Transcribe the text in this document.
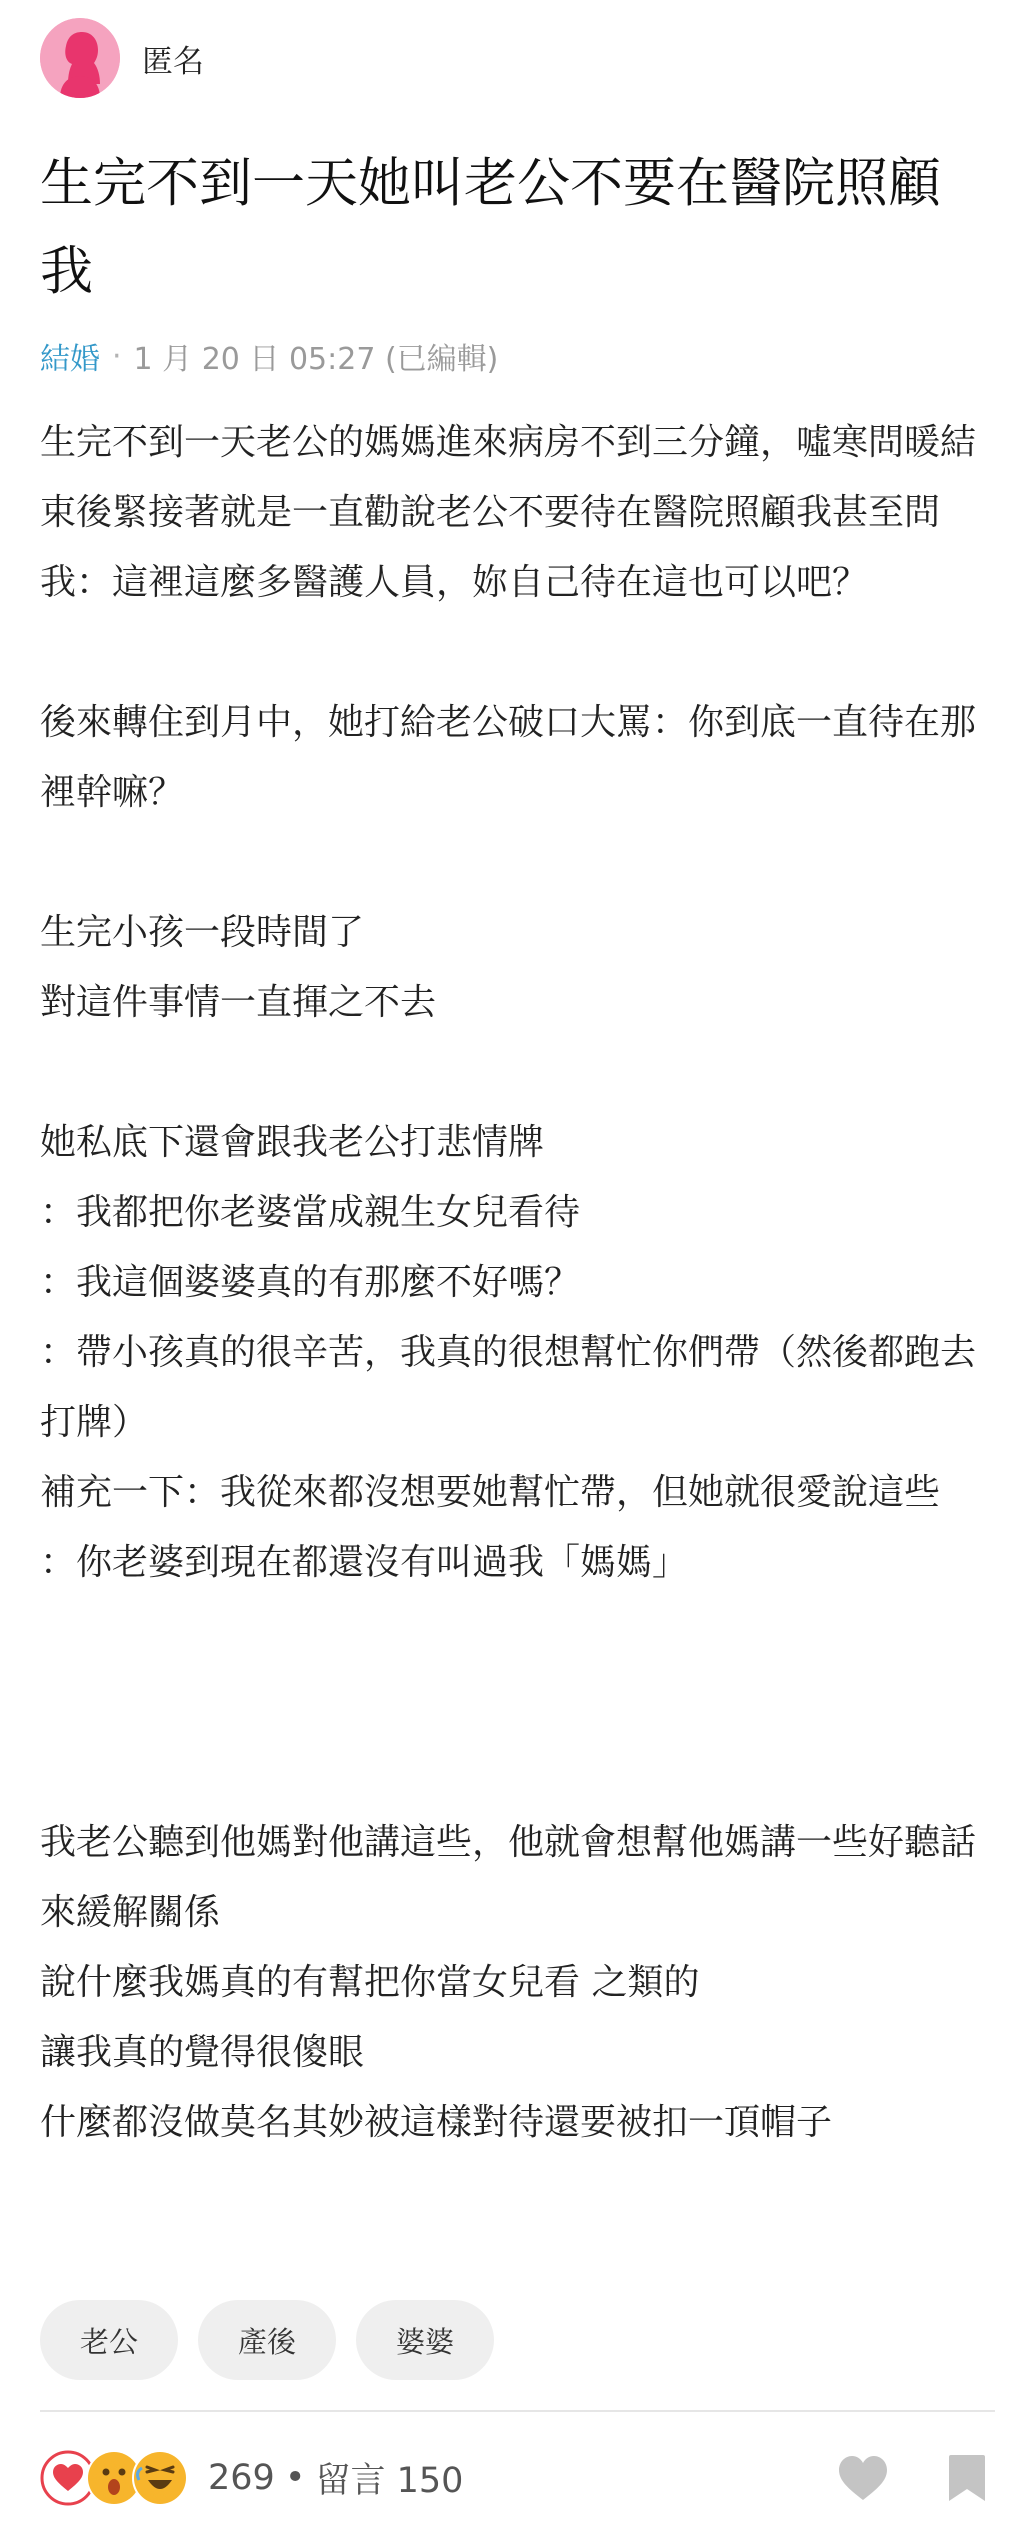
匿名
生完不到一天她叫老公不要在醫院照顧我
結婚 · 1 月 20 日 05:27 (已編輯)

生完不到一天老公的媽媽進來病房不到三分鐘，噓寒問暖結束後緊接著就是一直勸說老公不要待在醫院照顧我甚至問我：這裡這麼多醫護人員，妳自己待在這也可以吧？

後來轉住到月中，她打給老公破口大罵：你到底一直待在那裡幹嘛？

生完小孩一段時間了

對這件事情一直揮之不去

她私底下還會跟我老公打悲情牌

：我都把你老婆當成親生女兒看待

：我這個婆婆真的有那麼不好嗎？

：帶小孩真的很辛苦，我真的很想幫忙你們帶（然後都跑去打牌）

補充一下：我從來都沒想要她幫忙帶，但她就很愛說這些

：你老婆到現在都還沒有叫過我「媽媽」

我老公聽到他媽對他講這些，他就會想幫他媽講一些好聽話來緩解關係

說什麼我媽真的有幫把你當女兒看 之類的

讓我真的覺得很傻眼

什麼都沒做莫名其妙被這樣對待還要被扣一頂帽子

老公	產後	婆婆
269 • 留言 150
